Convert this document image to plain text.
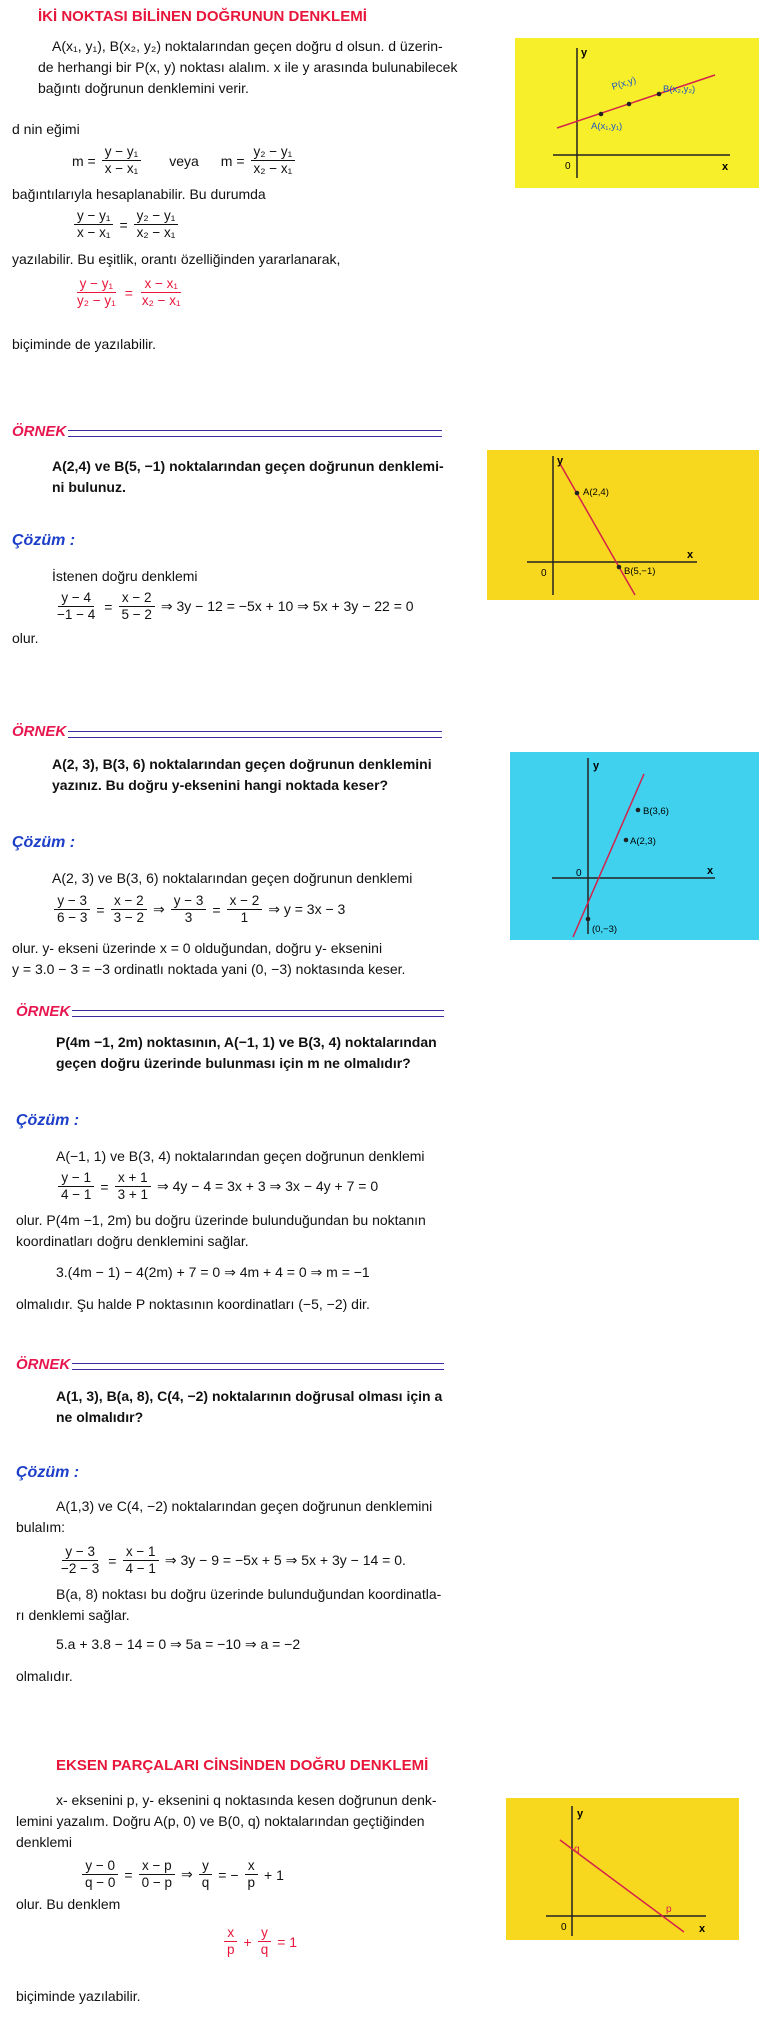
İKİ NOKTASI BİLİNEN DOĞRUNUN DENKLEMİ
A(x₁, y₁), B(x₂, y₂) noktalarından geçen doğru d olsun. d üzerin-
de herhangi bir P(x, y) noktası alalım. x ile y arasında bulunabilecek
bağıntı doğrunun denklemini verir.
d nin eğimi
$m = \frac{\text{y − y₁}}{\text{x − x₁}}$ veya $m = \frac{\text{y₂ − y₁}}{\text{x₂ − x₁}}$
bağıntılarıyla hesaplanabilir. Bu durumda
$\frac{\text{y − y₁}}{\text{x − x₁}} = \frac{\text{y₂ − y₁}}{\text{x₂ − x₁}}$
yazılabilir. Bu eşitlik, orantı özelliğinden yararlanarak,
$\frac{\text{y − y₁}}{\text{y₂ − y₁}} = \frac{\text{x − x₁}}{\text{x₂ − x₁}}$
biçiminde de yazılabilir.
y
x
0
P(x,y)	B(x₂,y₂)
A(x₁,y₁)
ÖRNEK
A(2,4) ve B(5, −1) noktalarından geçen doğrunun denklemi-
ni bulunuz.
Çözüm :
İstenen doğru denklemi
$\frac{y - 4}{-1 - 4} = \frac{x - 2}{5 - 2}$ ⇒ 3y − 12 = −5x + 10 ⇒ 5x + 3y − 22 = 0
olur.
y
x
0
A(2,4)
B(5,−1)
ÖRNEK
A(2, 3), B(3, 6) noktalarından geçen doğrunun denklemini
yazınız. Bu doğru y-eksenini hangi noktada keser?
Çözüm :
A(2, 3) ve B(3, 6) noktalarından geçen doğrunun denklemi
$\frac{y - 3}{6 - 3} = \frac{x - 2}{3 - 2}$ ⇒ $\frac{y - 3}{3} = \frac{x - 2}{1}$ ⇒ y = 3x − 3
olur. y- ekseni üzerinde x = 0 olduğundan, doğru y- eksenini
y = 3.0 − 3 = −3 ordinatlı noktada yani (0, −3) noktasında keser.
y
x
0
A(2,3)
B(3,6)
(0,−3)
ÖRNEK
P(4m −1, 2m) noktasının, A(−1, 1) ve B(3, 4) noktalarından
geçen doğru üzerinde bulunması için m ne olmalıdır?
Çözüm :
A(−1, 1) ve B(3, 4) noktalarından geçen doğrunun denklemi
$\frac{y - 1}{4 - 1} = \frac{x + 1}{3 + 1}$ ⇒ 4y − 4 = 3x + 3 ⇒ 3x − 4y + 7 = 0
olur. P(4m −1, 2m) bu doğru üzerinde bulunduğundan bu noktanın
koordinatları doğru denklemini sağlar.
3.(4m − 1) − 4(2m) + 7 = 0 ⇒ 4m + 4 = 0 ⇒ m = −1
olmalıdır. Şu halde P noktasının koordinatları (−5, −2) dir.
ÖRNEK
A(1, 3), B(a, 8), C(4, −2) noktalarının doğrusal olması için a
ne olmalıdır?
Çözüm :
A(1,3) ve C(4, −2) noktalarından geçen doğrunun denklemini
bulalım:
$\frac{y - 3}{-2 - 3} = \frac{x - 1}{4 - 1}$ ⇒ 3y − 9 = −5x + 5 ⇒ 5x + 3y − 14 = 0.
B(a, 8) noktası bu doğru üzerinde bulunduğundan koordinatla-
rı denklemi sağlar.
5.a + 3.8 − 14 = 0 ⇒ 5a = −10 ⇒ a = −2
olmalıdır.
EKSEN PARÇALARI CİNSİNDEN DOĞRU DENKLEMİ
x- eksenini p, y- eksenini q noktasında kesen doğrunun denk-
lemini yazalım. Doğru A(p, 0) ve B(0, q) noktalarından geçtiğinden
denklemi
$\frac{y - 0}{q - 0} = \frac{x - p}{0 - p}$ ⇒ $\frac{y}{q}$ = − $\frac{x}{p} + 1$
olur. Bu denklem
$\frac{x}{p} + \frac{y}{q} = 1$
biçiminde yazılabilir.
y
x
0
q
p
